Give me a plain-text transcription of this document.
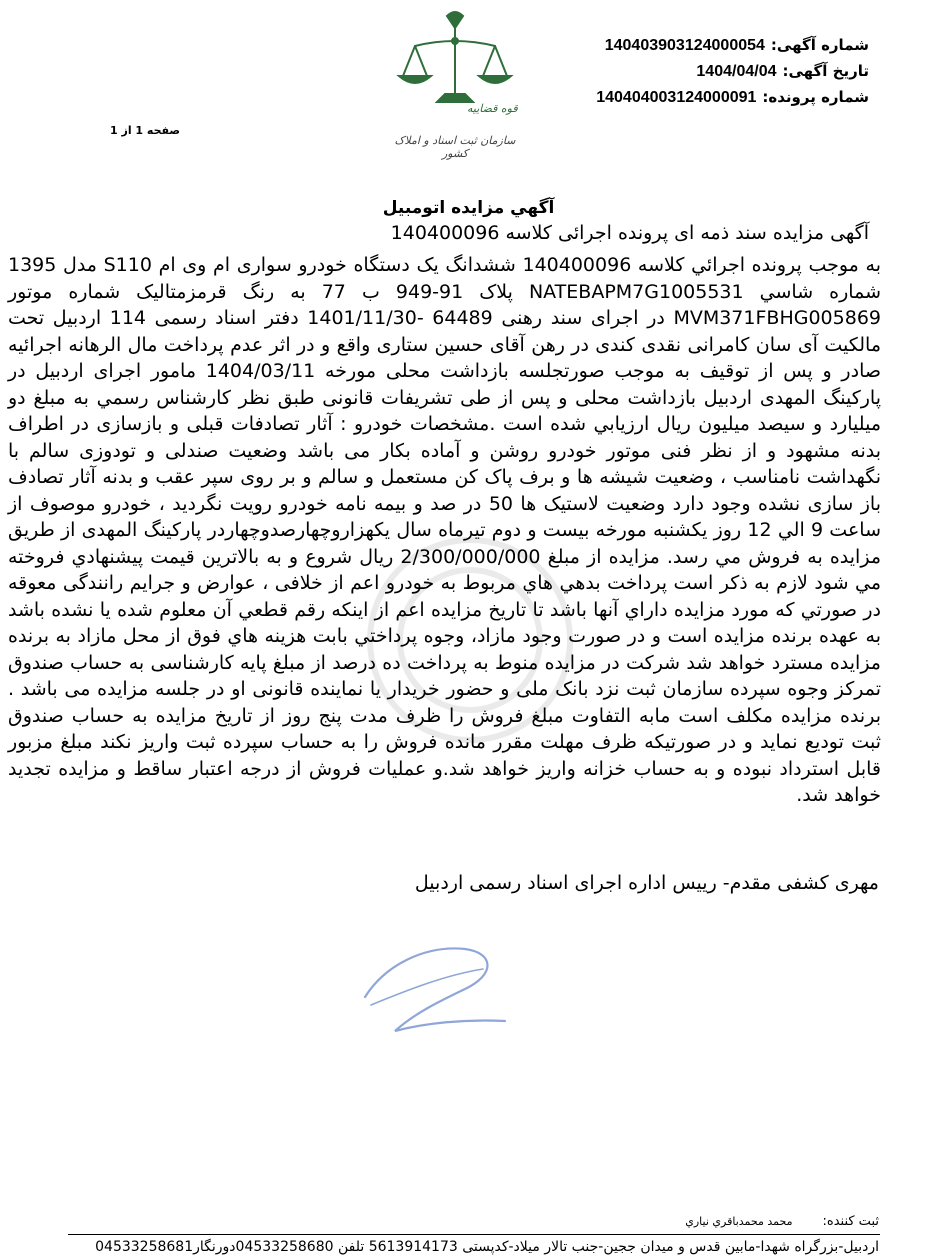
شماره آگهی:140403903124000054
تاریخ آگهی:1404/04/04
شماره پرونده:140404003124000091
صفحه 1 از 1
قوه قضاییه
سازمان ثبت اسناد و املاک کشور
آگهي مزايده اتومبيل
آگهی مزایده سند ذمه ای پرونده اجرائی کلاسه 140400096
به موجب پرونده اجرائي كلاسه 140400096 ششدانگ یک دستگاه خودرو سواری ام وی ام S110 مدل 1395 شماره شاسي NATEBAPM7G1005531 پلاک 91-949 ب 77 به رنگ قرمزمتالیک شماره موتور MVM371FBHG005869 در اجرای سند رهنی 64489 -1401/11/30 دفتر اسناد رسمی 114 اردبیل تحت مالکیت آی سان کامرانی نقدی کندی در رهن آقای حسین ستاری واقع و در اثر عدم پرداخت مال الرهانه اجرائیه صادر و پس از توقیف به موجب صورتجلسه بازداشت محلی مورخه 1404/03/11 مامور اجرای اردبیل در پارکینگ المهدی اردبیل بازداشت محلی و پس از طی تشریفات قانونی طبق نظر کارشناس رسمي به مبلغ دو میلیارد و سیصد میلیون ریال ارزيابي شده است .مشخصات خودرو : آثار تصادفات قبلی و بازسازی در اطراف بدنه مشهود و از نظر فنی موتور خودرو روشن و آماده بکار می باشد وضعیت صندلی و تودوزی سالم با نگهداشت نامناسب ، وضعیت شیشه ها و برف پاک کن مستعمل و سالم و بر روی سپر عقب و بدنه آثار تصادف باز سازی نشده وجود دارد وضعیت لاستیک ها 50 در صد و بیمه نامه خودرو رویت نگردید ، خودرو موصوف از ساعت 9 الي 12 روز یکشنبه مورخه بیست و دوم تیرماه سال یکهزاروچهارصدوچهاردر پارکینگ المهدی از طريق مزايده به فروش مي رسد. مزايده از مبلغ 2/300/000/000 ريال شروع و به بالاترين قيمت پيشنهادي فروخته مي شود لازم به ذكر است پرداخت بدهي هاي مربوط به خودرو اعم از خلافی ، عوارض و جرایم رانندگی معوقه در صورتي كه مورد مزايده داراي آنها باشد تا تاريخ مزايده اعم از اينكه رقم قطعي آن معلوم شده يا نشده باشد به عهده برنده مزايده است و در صورت وجود مازاد، وجوه پرداختي بابت هزينه هاي فوق از محل مازاد به برنده مزايده مسترد خواهد شد شرکت در مزایده منوط به پرداخت ده درصد از مبلغ پایه کارشناسی به حساب صندوق تمرکز وجوه سپرده سازمان ثبت نزد بانک ملی و حضور خریدار یا نماینده قانونی او در جلسه مزایده می باشد . برنده مزایده مکلف است مابه التفاوت مبلغ فروش را ظرف مدت پنج روز از تاریخ مزایده به حساب صندوق ثبت تودیع نماید و در صورتیکه ظرف مهلت مقرر مانده فروش را به حساب سپرده ثبت واریز نکند مبلغ مزبور قابل استرداد نبوده و به حساب خزانه واریز خواهد شد.و عملیات فروش از درجه اعتبار ساقط و مزایده تجدید خواهد شد.
مهری کشفی مقدم- رییس اداره اجرای اسناد رسمی اردبیل
ثبت کننده:محمد محمدباقري نياري
اردبیل-بزرگراه شهدا-مابین قدس و میدان ججین-جنب تالار میلاد-کدپستی 5613914173 تلفن 04533258680دورنگار04533258681
